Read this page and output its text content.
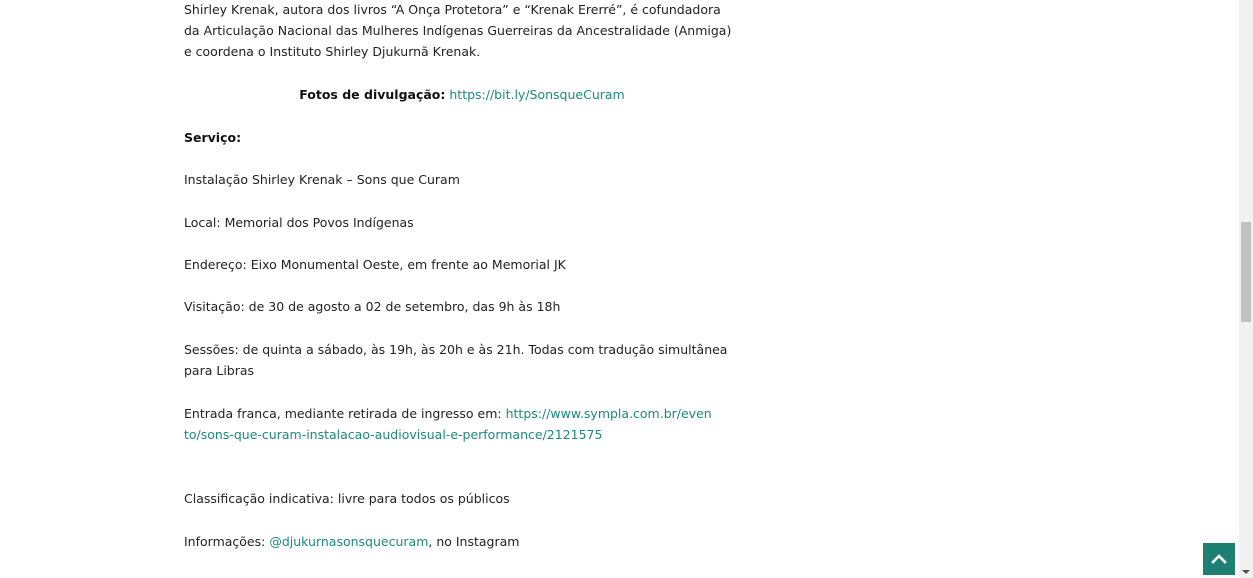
Shirley Krenak, autora dos livros “A Onça Protetora” e “Krenak Ererré”, é cofundadora da Articulação Nacional das Mulheres Indígenas Guerreiras da Ancestralidade (Anmiga) e coordena o Instituto Shirley Djukurnã Krenak.

Fotos de divulgação: https://bit.ly/SonsqueCuram

Serviço:

Instalação Shirley Krenak – Sons que Curam

Local: Memorial dos Povos Indígenas

Endereço: Eixo Monumental Oeste, em frente ao Memorial JK

Visitação: de 30 de agosto a 02 de setembro, das 9h às 18h

Sessões: de quinta a sábado, às 19h, às 20h e às 21h. Todas com tradução simultânea para Libras

Entrada franca, mediante retirada de ingresso em: https://www.sympla.com.br/evento/sons-que-curam-instalacao-audiovisual-e-performance/2121575

Classificação indicativa: livre para todos os públicos

Informações: @djukurnasonsquecuram, no Instagram
